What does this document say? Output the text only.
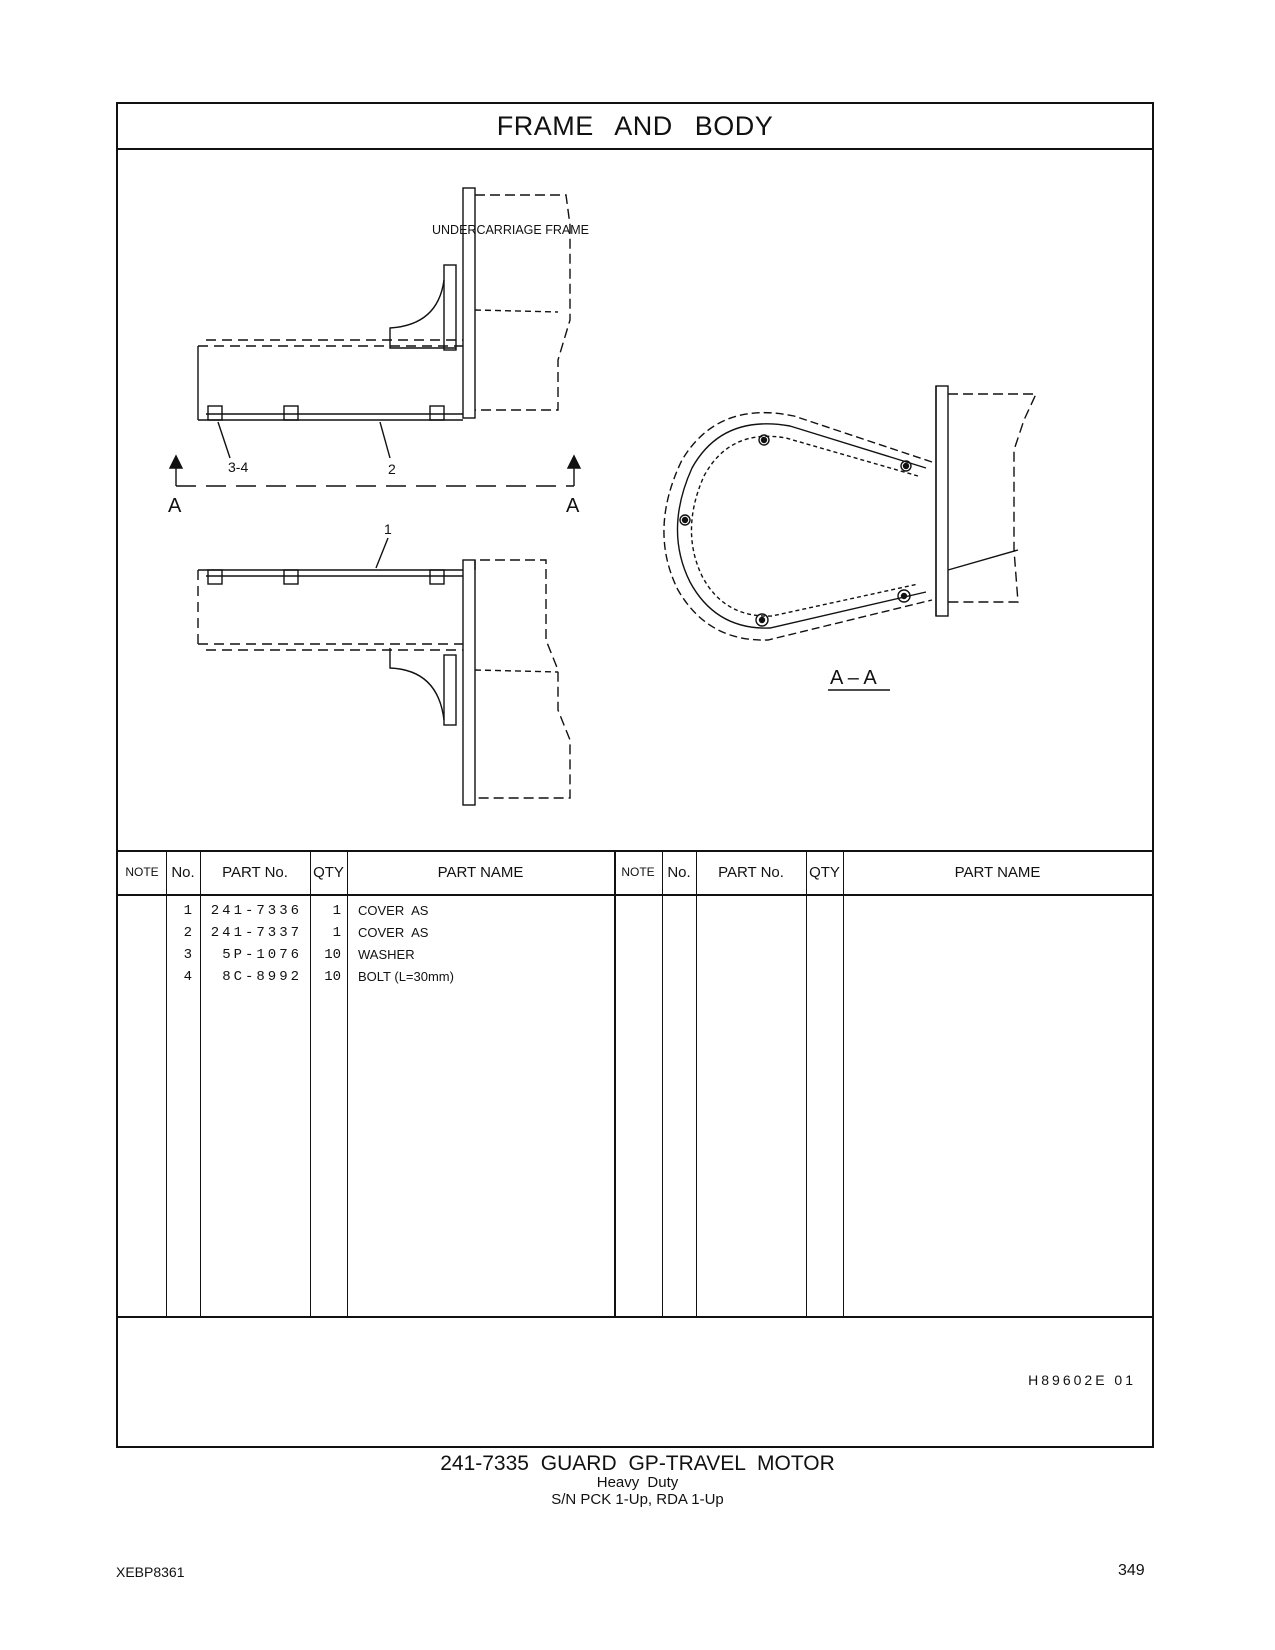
FRAME AND BODY
UNDERCARRIAGE FRAME
3-4	2
1
A	A
A – A
NOTE No.	PART No.	QTY	PART NAME	NOTE No.	PART No.	QTY	PART NAME
1	241-7336	1 COVER AS
2	241-7337	1 COVER AS
3	5P-1076	10 WASHER
4	8C-8992	10 BOLT (L=30mm)
H89602E 01
241-7335 GUARD GP-TRAVEL MOTOR
Heavy Duty
S/N PCK 1-Up, RDA 1-Up
XEBP8361	349
